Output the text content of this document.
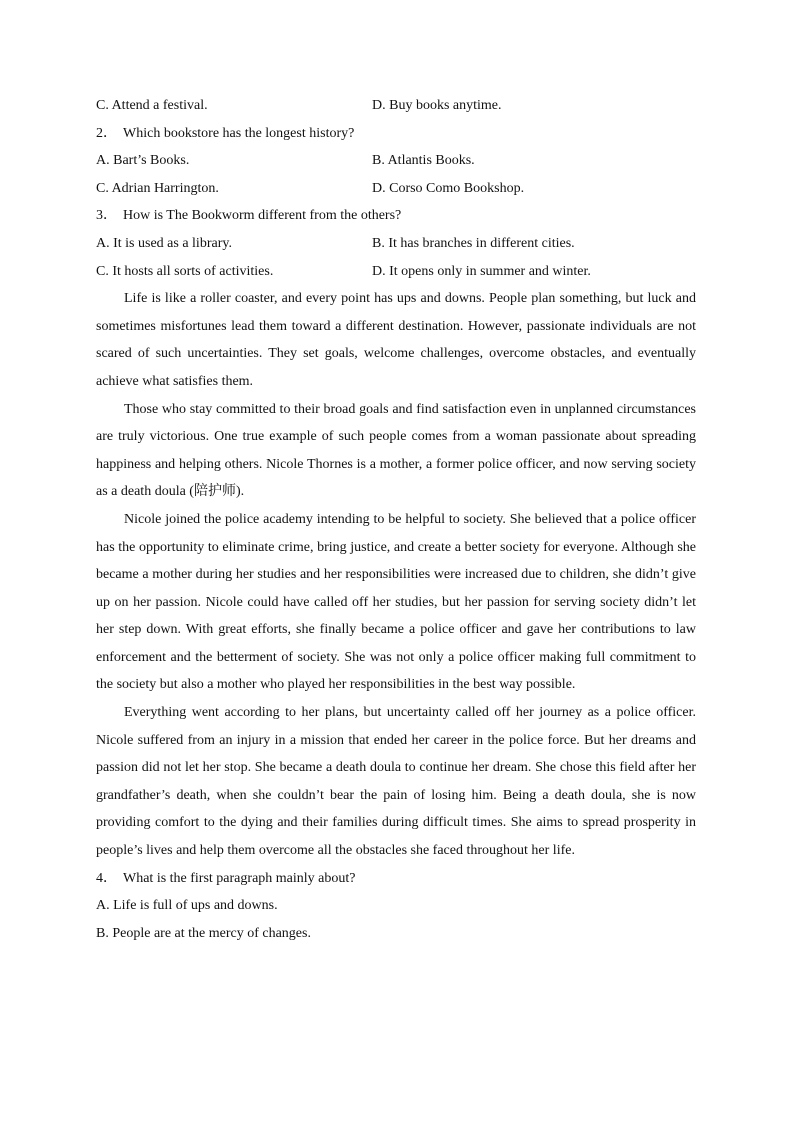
C. Attend a festival.	D. Buy books anytime.
2． Which bookstore has the longest history?
A. Bart’s Books.	B. Atlantis Books.
C. Adrian Harrington.	D. Corso Como Bookshop.
3． How is The Bookworm different from the others?
A. It is used as a library.	B. It has branches in different cities.
C. It hosts all sorts of activities.	D. It opens only in summer and winter.

Life is like a roller coaster, and every point has ups and downs. People plan something, but luck and sometimes misfortunes lead them toward a different destination. However, passionate individuals are not scared of such uncertainties. They set goals, welcome challenges, overcome obstacles, and eventually achieve what satisfies them.

Those who stay committed to their broad goals and find satisfaction even in unplanned circumstances are truly victorious. One true example of such people comes from a woman passionate about spreading happiness and helping others. Nicole Thornes is a mother, a former police officer, and now serving society as a death doula (陪护师).

Nicole joined the police academy intending to be helpful to society. She believed that a police officer has the opportunity to eliminate crime, bring justice, and create a better society for everyone. Although she became a mother during her studies and her responsibilities were increased due to children, she didn’t give up on her passion. Nicole could have called off her studies, but her passion for serving society didn’t let her step down. With great efforts, she finally became a police officer and gave her contributions to law enforcement and the betterment of society. She was not only a police officer making full commitment to the society but also a mother who played her responsibilities in the best way possible.

Everything went according to her plans, but uncertainty called off her journey as a police officer. Nicole suffered from an injury in a mission that ended her career in the police force. But her dreams and passion did not let her stop. She became a death doula to continue her dream. She chose this field after her grandfather’s death, when she couldn’t bear the pain of losing him. Being a death doula, she is now providing comfort to the dying and their families during difficult times. She aims to spread prosperity in people’s lives and help them overcome all the obstacles she faced throughout her life.

4． What is the first paragraph mainly about?
A. Life is full of ups and downs.
B. People are at the mercy of changes.
